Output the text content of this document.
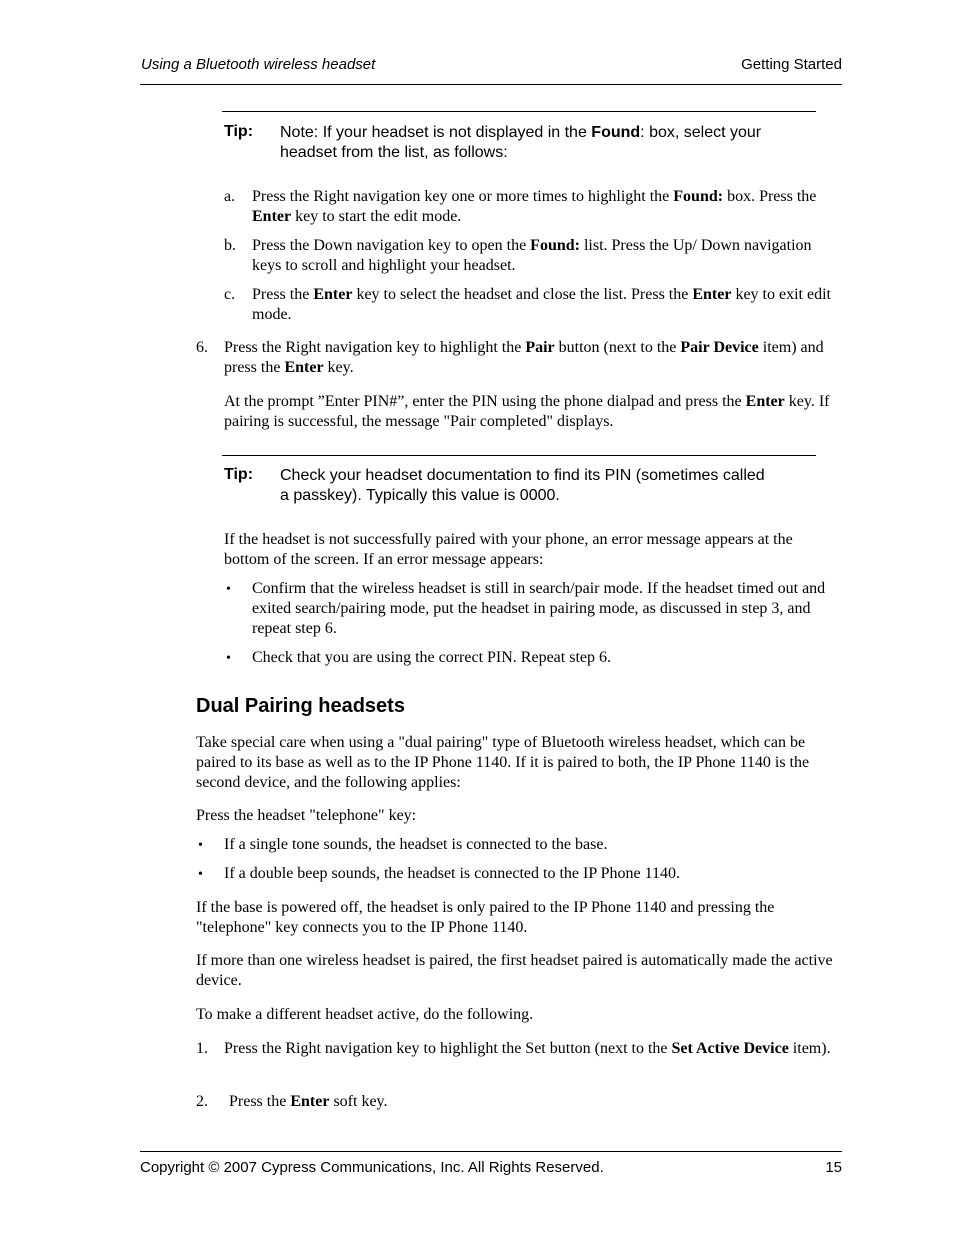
Using a Bluetooth wireless headset	Getting Started
Tip: Note: If your headset is not displayed in the Found: box, select your
headset from the list, as follows:
a. Press the Right navigation key one or more times to highlight the Found: box. Press the Enter key to start the edit mode.
b. Press the Down navigation key to open the Found: list. Press the Up/ Down navigation keys to scroll and highlight your headset.
c. Press the Enter key to select the headset and close the list. Press the Enter key to exit edit mode.
6. Press the Right navigation key to highlight the Pair button (next to the Pair Device item) and press the Enter key.
At the prompt ”Enter PIN#”, enter the PIN using the phone dialpad and press the Enter key. If pairing is successful, the message "Pair completed" displays.
Tip: Check your headset documentation to find its PIN (sometimes called
a passkey). Typically this value is 0000.
If the headset is not successfully paired with your phone, an error message appears at the bottom of the screen. If an error message appears:
• Confirm that the wireless headset is still in search/pair mode. If the headset timed out and exited search/pairing mode, put the headset in pairing mode, as discussed in step 3, and repeat step 6.
• Check that you are using the correct PIN. Repeat step 6.
Dual Pairing headsets
Take special care when using a "dual pairing" type of Bluetooth wireless headset, which can be paired to its base as well as to the IP Phone 1140. If it is paired to both, the IP Phone 1140 is the second device, and the following applies:
Press the headset "telephone" key:
• If a single tone sounds, the headset is connected to the base.
• If a double beep sounds, the headset is connected to the IP Phone 1140.
If the base is powered off, the headset is only paired to the IP Phone 1140 and pressing the "telephone" key connects you to the IP Phone 1140.
If more than one wireless headset is paired, the first headset paired is automatically made the active device.
To make a different headset active, do the following.
1. Press the Right navigation key to highlight the Set button (next to the Set Active Device item).
2. Press the Enter soft key.
Copyright © 2007 Cypress Communications, Inc. All Rights Reserved.	15
